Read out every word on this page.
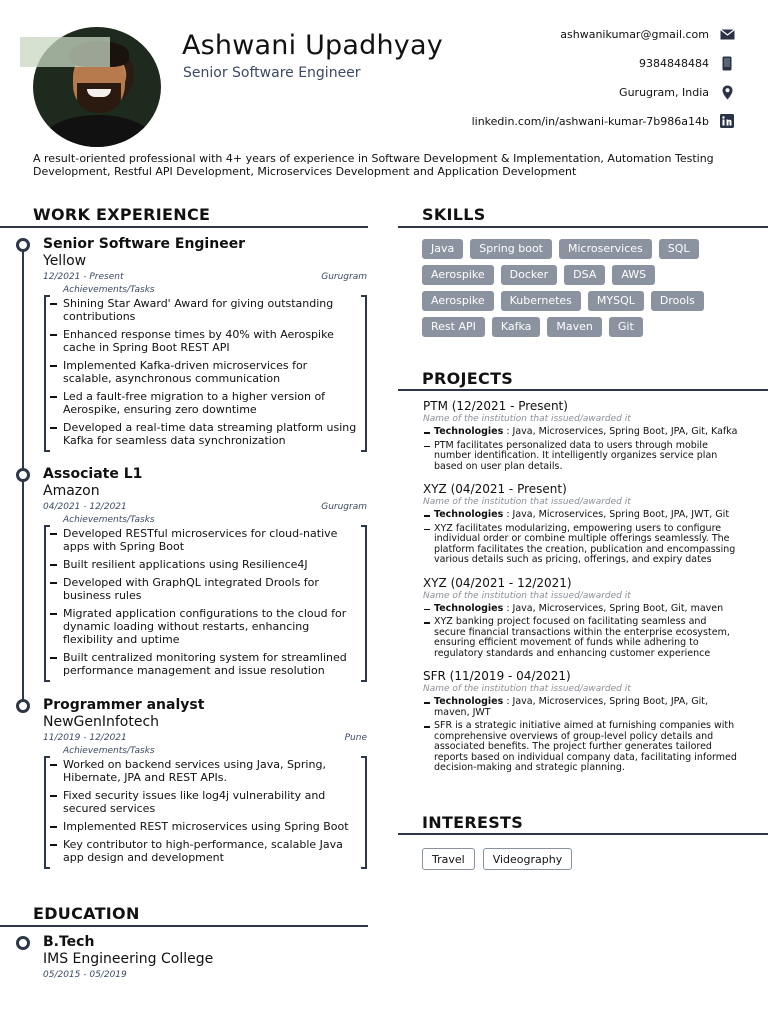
Ashwani Upadhyay
Senior Software Engineer
ashwanikumar@gmail.com
9384848484
Gurugram, India
linkedin.com/in/ashwani-kumar-7b986a14b
A result-oriented professional with 4+ years of experience in Software Development & Implementation, Automation Testing Development, Restful API Development, Microservices Development and Application Development
WORK EXPERIENCE
Senior Software Engineer
Yellow
12/2021 - Present	Gurugram
Achievements/Tasks
Shining Star Award' Award for giving outstanding contributions
Enhanced response times by 40% with Aerospike cache in Spring Boot REST API
Implemented Kafka-driven microservices for scalable, asynchronous communication
Led a fault-free migration to a higher version of Aerospike, ensuring zero downtime
Developed a real-time data streaming platform using Kafka for seamless data synchronization
Associate L1
Amazon
04/2021 - 12/2021	Gurugram
Achievements/Tasks
Developed RESTful microservices for cloud-native apps with Spring Boot
Built resilient applications using Resilience4J
Developed with GraphQL integrated Drools for business rules
Migrated application configurations to the cloud for dynamic loading without restarts, enhancing flexibility and uptime
Built centralized monitoring system for streamlined performance management and issue resolution
Programmer analyst
NewGenInfotech
11/2019 - 12/2021	Pune
Achievements/Tasks
Worked on backend services using Java, Spring, Hibernate, JPA and REST APIs.
Fixed security issues like log4j vulnerability and secured services
Implemented REST microservices using Spring Boot
Key contributor to high-performance, scalable Java app design and development
EDUCATION
B.Tech
IMS Engineering College
05/2015 - 05/2019
SKILLS
Java	Spring boot	Microservices	SQL
Aerospike	Docker	DSA	AWS
Aerospike	Kubernetes	MYSQL	Drools
Rest API	Kafka	Maven	Git
PROJECTS
PTM (12/2021 - Present)
Name of the institution that issued/awarded it
Technologies : Java, Microservices, Spring Boot, JPA, Git, Kafka
PTM facilitates personalized data to users through mobile number identification. It intelligently organizes service plan based on user plan details.
XYZ (04/2021 - Present)
Name of the institution that issued/awarded it
Technologies : Java, Microservices, Spring Boot, JPA, JWT, Git
XYZ facilitates modularizing, empowering users to configure individual order or combine multiple offerings seamlessly. The platform facilitates the creation, publication and encompassing various details such as pricing, offerings, and expiry dates
XYZ (04/2021 - 12/2021)
Name of the institution that issued/awarded it
Technologies : Java, Microservices, Spring Boot, Git, maven
XYZ banking project focused on facilitating seamless and secure financial transactions within the enterprise ecosystem, ensuring efficient movement of funds while adhering to regulatory standards and enhancing customer experience
SFR (11/2019 - 04/2021)
Name of the institution that issued/awarded it
Technologies : Java, Microservices, Spring Boot, JPA, Git, maven, JWT
SFR is a strategic initiative aimed at furnishing companies with comprehensive overviews of group-level policy details and associated benefits. The project further generates tailored reports based on individual company data, facilitating informed decision-making and strategic planning.
INTERESTS
Travel	Videography
